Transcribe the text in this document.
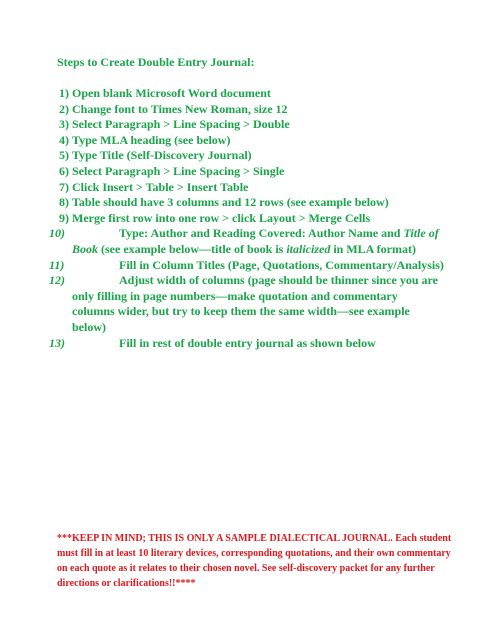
Steps to Create Double Entry Journal:
1) Open blank Microsoft Word document
2) Change font to Times New Roman, size 12
3) Select Paragraph > Line Spacing > Double
4) Type MLA heading (see below)
5) Type Title (Self-Discovery Journal)
6) Select Paragraph > Line Spacing > Single
7) Click Insert > Table > Insert Table
8) Table should have 3 columns and 12 rows (see example below)
9) Merge first row into one row > click Layout > Merge Cells
10)	Type: Author and Reading Covered: Author Name and Title of
Book (see example below—title of book is italicized in MLA format)
11)	Fill in Column Titles (Page, Quotations, Commentary/Analysis)
12)	Adjust width of columns (page should be thinner since you are
only filling in page numbers—make quotation and commentary
columns wider, but try to keep them the same width—see example
below)
13)	Fill in rest of double entry journal as shown below
***KEEP IN MIND; THIS IS ONLY A SAMPLE DIALECTICAL JOURNAL. Each student must fill in at least 10 literary devices, corresponding quotations, and their own commentary on each quote as it relates to their chosen novel. See self-discovery packet for any further directions or clarifications!!****
